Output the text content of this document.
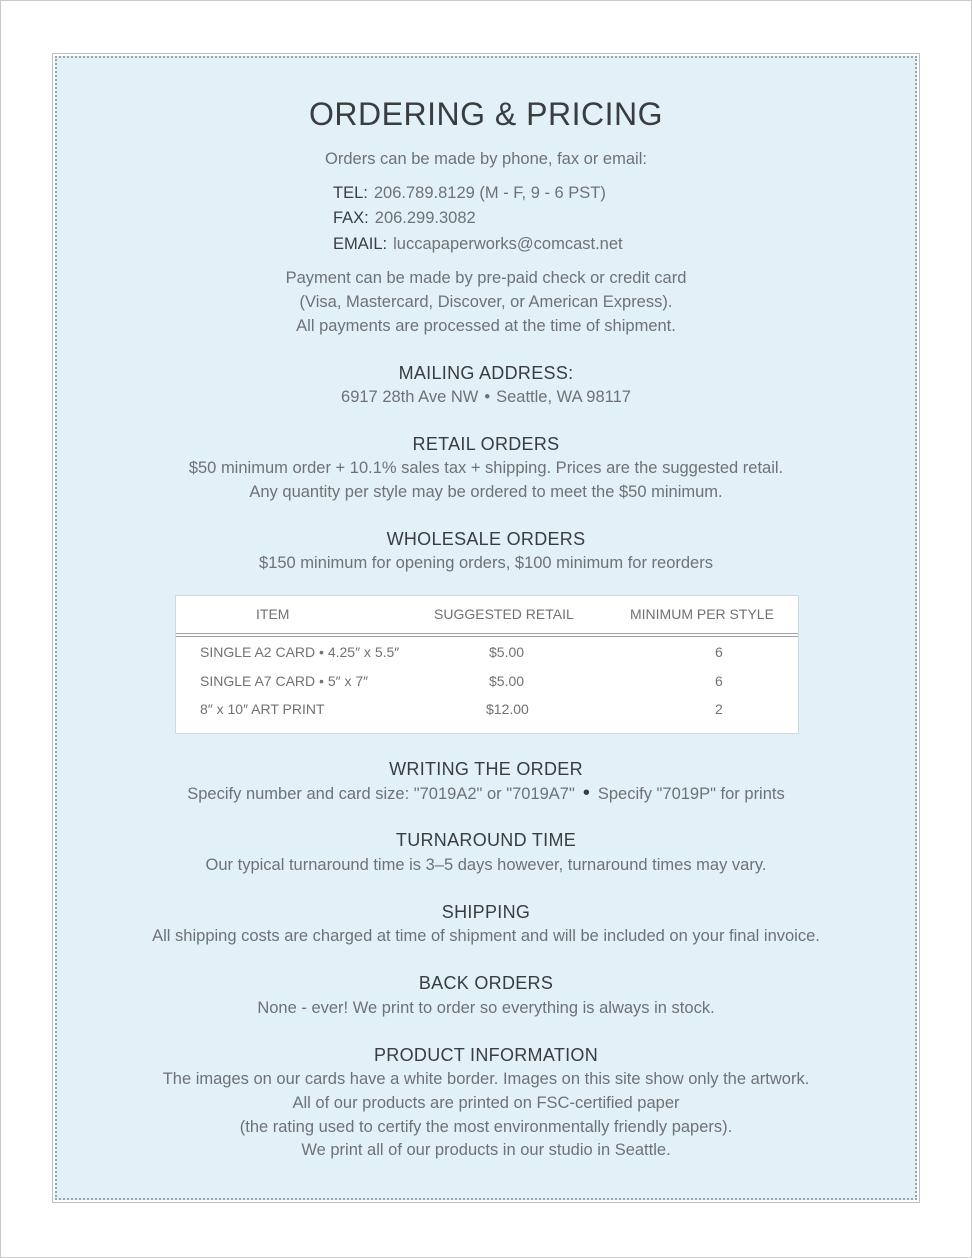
ORDERING & PRICING
Orders can be made by phone, fax or email:
TEL: 206.789.8129 (M - F, 9 - 6 PST)
FAX: 206.299.3082
EMAIL: luccapaperworks@comcast.net
Payment can be made by pre-paid check or credit card
(Visa, Mastercard, Discover, or American Express).
All payments are processed at the time of shipment.
MAILING ADDRESS:
6917 28th Ave NW • Seattle, WA 98117
RETAIL ORDERS
$50 minimum order + 10.1% sales tax + shipping. Prices are the suggested retail.
Any quantity per style may be ordered to meet the $50 minimum.
WHOLESALE ORDERS
$150 minimum for opening orders, $100 minimum for reorders
ITEM	SUGGESTED RETAIL	MINIMUM PER STYLE
SINGLE A2 CARD • 4.25″ x 5.5″	$5.00	6
SINGLE A7 CARD • 5″ x 7″	$5.00	6
8″ x 10″ ART PRINT	$12.00	2
WRITING THE ORDER
Specify number and card size: "7019A2" or "7019A7" • Specify "7019P" for prints
TURNAROUND TIME
Our typical turnaround time is 3–5 days however, turnaround times may vary.
SHIPPING
All shipping costs are charged at time of shipment and will be included on your final invoice.
BACK ORDERS
None - ever! We print to order so everything is always in stock.
PRODUCT INFORMATION
The images on our cards have a white border. Images on this site show only the artwork.
All of our products are printed on FSC-certified paper
(the rating used to certify the most environmentally friendly papers).
We print all of our products in our studio in Seattle.
